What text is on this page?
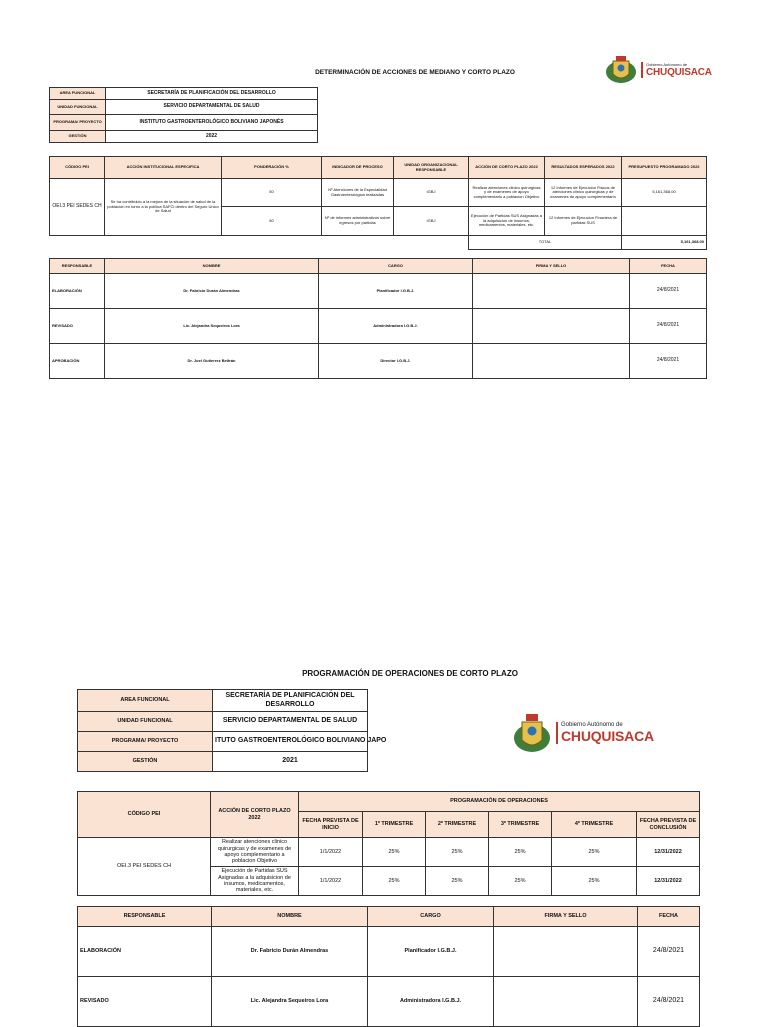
DETERMINACIÓN DE ACCIONES DE MEDIANO Y CORTO PLAZO
Gobierno Autónomo de
CHUQUISACA
AREA FUNCIONAL	SECRETARÍA DE PLANIFICACIÓN DEL DESARROLLO
UNIDAD FUNCIONAL	SERVICIO DEPARTAMENTAL DE SALUD
PROGRAMA/ PROYECTO	INSTITUTO GASTROENTEROLÓGICO BOLIVIANO JAPONÉS
GESTIÓN	2022
CÓDIGO PEI	ACCIÓN INSTITUCIONAL ESPECIFICA	PONDERACIÓN %	INDICADOR DE PROCESO	UNIDAD ORGANIZACIONAL RESPONSABLE	ACCIÓN DE CORTO PLAZO 2022	RESULTADOS ESPERADOS 2022	PRESUPUESTO PROGRAMADO 2022
OEI.3 PEI SEDES CH	Se ha contribuido a la mejora de la situación de salud de la población en torno a la política SAFCI dentro del Seguro Unico de Salud	50	Nº Atenciones de la Especialidad Gastroenterológica realizadas	IGBJ	Realizar atenciones clinico quirurgicas y de examenes de apoyo complementario a poblacion Objetivo	12 Informes de Ejecución Fisicos de atenciones clinico quirurgicas y de examenes de apoyo complementario	5,161,368.00
		50	Nº de informes administrativos sobre egresos por partidas	IGBJ	Ejecución de Partidas SUS Asignadas a la adquisicion de insumos, medicamentos, materiales, etc.	12 Informes de Ejecucion Finaciera de partidas SUS	
					TOTAL		5,161,368.00
RESPONSABLE	NOMBRE	CARGO	FIRMA Y SELLO	FECHA
ELABORACIÓN	Dr. Fabricio Durán Almendras	Planificador I.G.B.J.		24/8/2021
REVISADO	Lic. Alejandra Sequeiros Lora	Administradora I.G.B.J.		24/8/2021
APROBACIÓN	Dr. Joel Gutierrez Beltrán	Director I.G.B.J.		24/8/2021
PROGRAMACIÓN DE OPERACIONES DE CORTO PLAZO
Gobierno Autónomo de
CHUQUISACA
AREA FUNCIONAL	SECRETARÍA DE PLANIFICACIÓN DEL DESARROLLO
UNIDAD FUNCIONAL	SERVICIO DEPARTAMENTAL DE SALUD
PROGRAMA/ PROYECTO	ITUTO GASTROENTEROLÓGICO BOLIVIANO JAPO
GESTIÓN	2021
CÓDIGO PEI	ACCIÓN DE CORTO PLAZO 2022	PROGRAMACIÓN DE OPERACIONES					
		FECHA PREVISTA DE INICIO	1º TRIMESTRE	2º TRIMESTRE	3º TRIMESTRE	4º TRIMESTRE	FECHA PREVISTA DE CONCLUSIÓN
OEI.3 PEI SEDES CH	Realizar atenciones clinico quirurgicas y de examenes de apoyo complementario a poblacion Objetivo	1/1/2022	25%	25%	25%	25%	12/31/2022
	Ejecución de Partidas SUS Asignadas a la adquisicion de insumos, medicamentos, materiales, etc.	1/1/2022	25%	25%	25%	25%	12/31/2022
RESPONSABLE	NOMBRE	CARGO	FIRMA Y SELLO	FECHA
ELABORACIÓN	Dr. Fabricio Durán Almendras	Planificador I.G.B.J.		24/8/2021
REVISADO	Lic. Alejandra Sequeiros Lora	Administradora I.G.B.J.		24/8/2021
